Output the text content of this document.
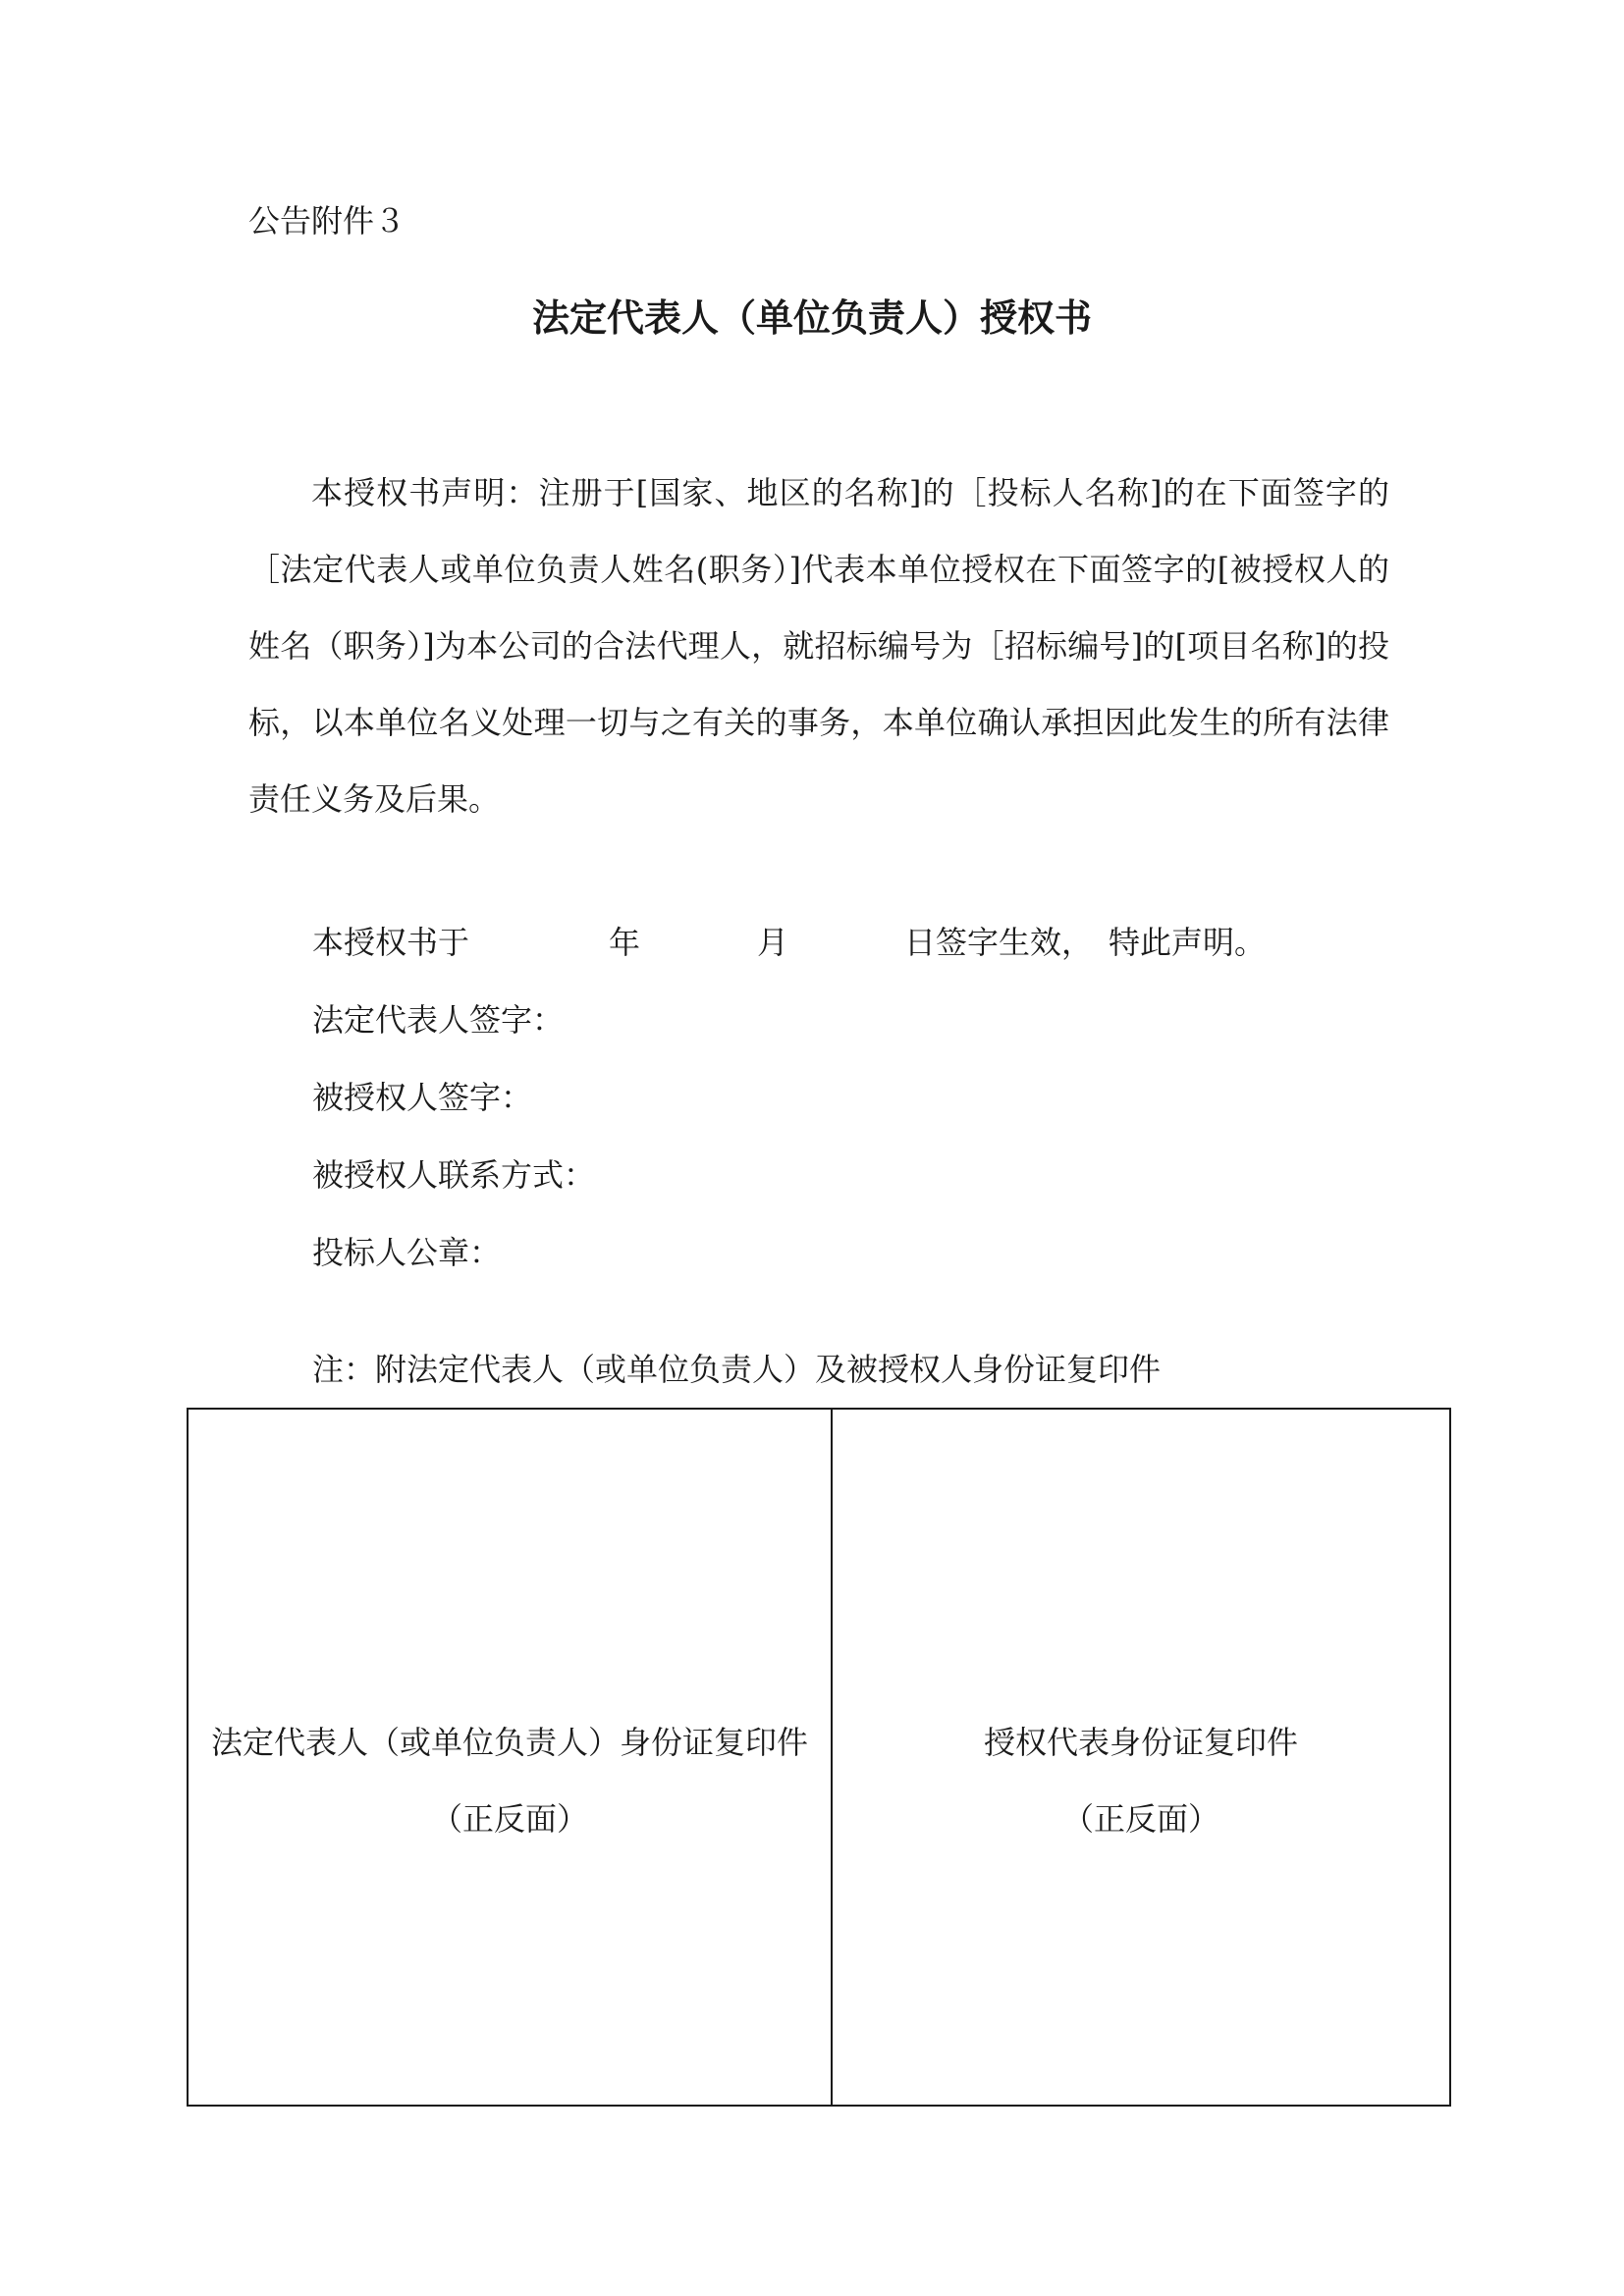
公告附件３
法定代表人（单位负责人）授权书

本授权书声明：注册于[国家、地区的名称]的［投标人名称]的在下面签字的［法定代表人或单位负责人姓名(职务）]代表本单位授权在下面签字的[被授权人的姓名（职务）]为本公司的合法代理人，就招标编号为［招标编号]的[项目名称]的投标，以本单位名义处理一切与之有关的事务，本单位确认承担因此发生的所有法律责任义务及后果。

本授权书于	年	月	日签字生效，　特此声明。
法定代表人签字：
被授权人签字：
被授权人联系方式：
投标人公章：
注：附法定代表人（或单位负责人）及被授权人身份证复印件
法定代表人（或单位负责人）身份证复印件
（正反面）
授权代表身份证复印件
（正反面）
